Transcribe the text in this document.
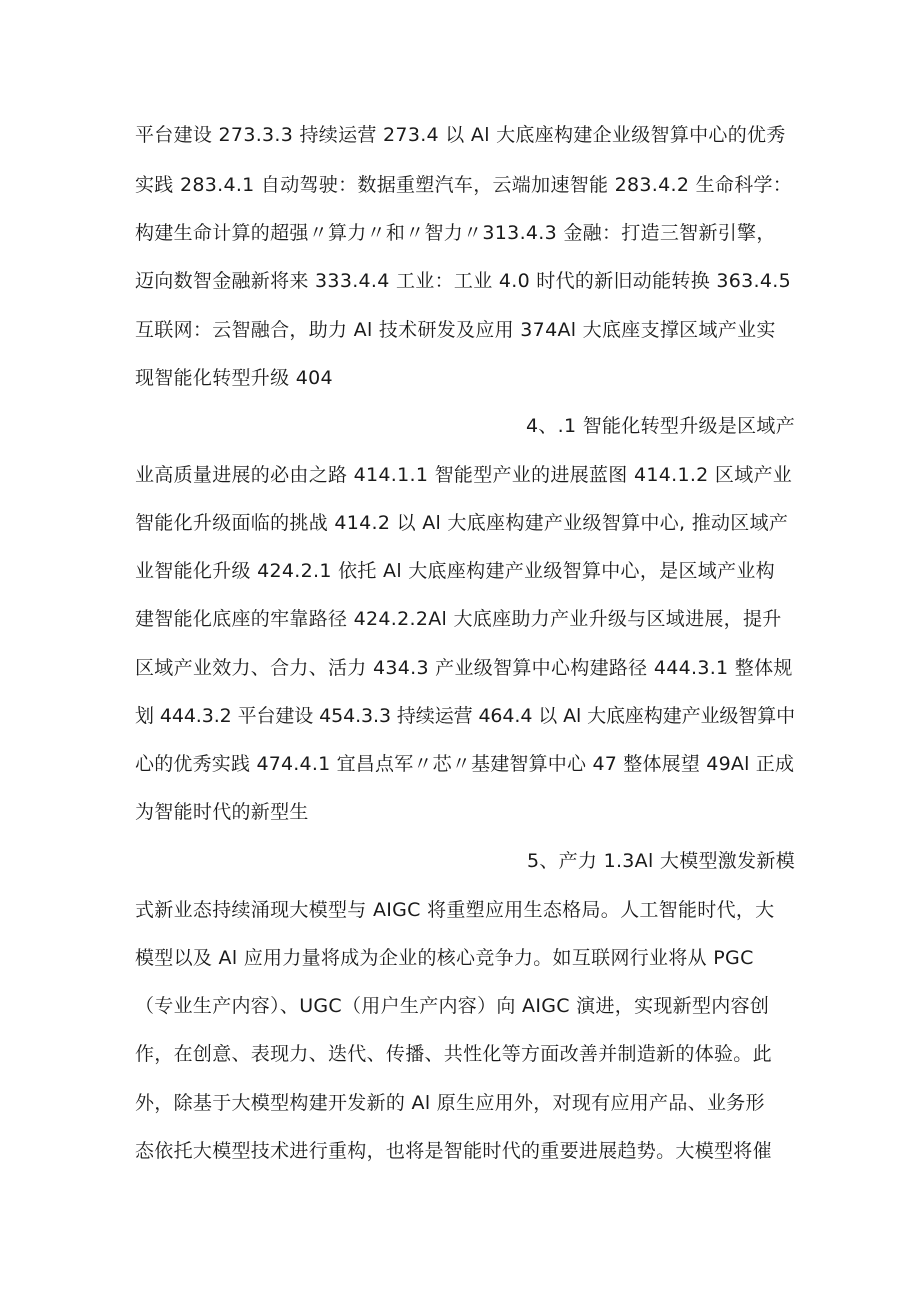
平台建设 273.3.3 持续运营 273.4 以 Al 大底座构建企业级智算中心的优秀
实践 283.4.1 自动驾驶：数据重塑汽车，云端加速智能 283.4.2 生命科学：
构建生命计算的超强〃算力〃和〃智力〃313.4.3 金融：打造三智新引擎，
迈向数智金融新将来 333.4.4 工业：工业 4.0 时代的新旧动能转换 363.4.5
互联网：云智融合，助力 Al 技术研发及应用 374Al 大底座支撑区域产业实
现智能化转型升级 404
4、.1 智能化转型升级是区域产
业高质量进展的必由之路 414.1.1 智能型产业的进展蓝图 414.1.2 区域产业
智能化升级面临的挑战 414.2 以 Al 大底座构建产业级智算中心, 推动区域产
业智能化升级 424.2.1 依托 Al 大底座构建产业级智算中心，是区域产业构
建智能化底座的牢靠路径 424.2.2Al 大底座助力产业升级与区域进展，提升
区域产业效力、合力、活力 434.3 产业级智算中心构建路径 444.3.1 整体规
划 444.3.2 平台建设 454.3.3 持续运营 464.4 以 Al 大底座构建产业级智算中
心的优秀实践 474.4.1 宜昌点军〃芯〃基建智算中心 47 整体展望 49Al 正成
为智能时代的新型生
5、产力 1.3Al 大模型激发新模
式新业态持续涌现大模型与 AIGC 将重塑应用生态格局。人工智能时代，大
模型以及 Al 应用力量将成为企业的核心竞争力。如互联网行业将从 PGC
（专业生产内容）、UGC（用户生产内容）向 AIGC 演进，实现新型内容创
作，在创意、表现力、迭代、传播、共性化等方面改善并制造新的体验。此
外，除基于大模型构建开发新的 Al 原生应用外，对现有应用产品、业务形
态依托大模型技术进行重构，也将是智能时代的重要进展趋势。大模型将催
